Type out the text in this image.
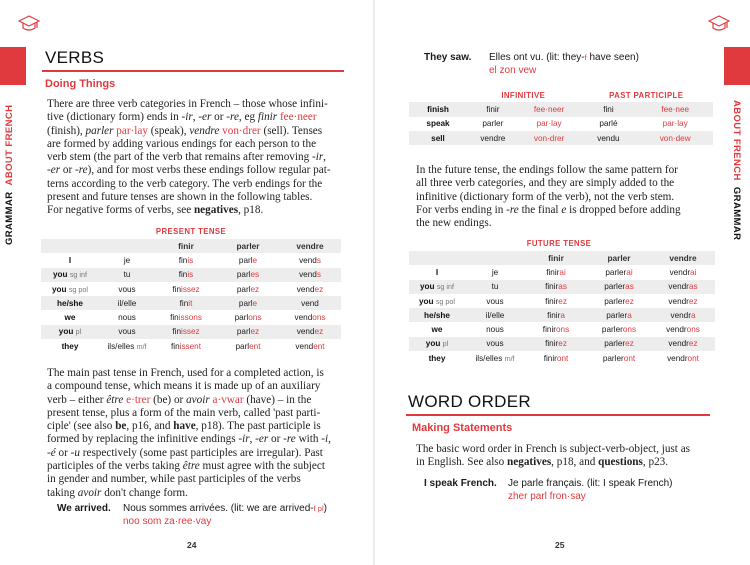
GRAMMAR  ABOUT FRENCH
VERBS
Doing Things
There are three verb categories in French – those whose infini-
tive (dictionary form) ends in -ir, -er or -re, eg finir fee·neer
(finish), parler par·lay (speak), vendre von·drer (sell). Tenses
are formed by adding various endings for each person to the
verb stem (the part of the verb that remains after removing -ir,
-er or -re), and for most verbs these endings follow regular pat-
terns according to the verb category. The verb endings for the
present and future tenses are shown in the following tables.
For negative forms of verbs, see negatives, p18.
PRESENT TENSE
		finir	parler	vendre
I	je	finis	parle	vends
you sg inf	tu	finis	parles	vends
you sg pol	vous	finissez	parlez	vendez
he/she	il/elle	finit	parle	vend
we	nous	finissons	parlons	vendons
you pl	vous	finissez	parlez	vendez
they	ils/elles m/f	finissent	parlent	vendent
The main past tense in French, used for a completed action, is
a compound tense, which means it is made up of an auxiliary
verb – either être e·trer (be) or avoir a·vwar (have) – in the
present tense, plus a form of the main verb, called 'past parti-
ciple' (see also be, p16, and have, p18). The past participle is
formed by replacing the infinitive endings -ir, -er or -re with -i,
-é or -u respectively (some past participles are irregular). Past
participles of the verbs taking être must agree with the subject
in gender and number, while past participles of the verbs
taking avoir don't change form.
We arrived. Nous sommes arrivées. (lit: we are arrived-f pl)
noo som za·ree·vay
24
ABOUT FRENCH  GRAMMAR
They saw. Elles ont vu. (lit: they-f have seen)
el zon vew
	INFINITIVE		PAST PARTICIPLE	
finish	finir	fee·neer	fini	fee·nee
speak	parler	par·lay	parlé	par·lay
sell	vendre	von·drer	vendu	von·dew
In the future tense, the endings follow the same pattern for
all three verb categories, and they are simply added to the
infinitive (dictionary form of the verb), not the verb stem.
For verbs ending in -re the final e is dropped before adding
the new endings.
FUTURE TENSE
		finir	parler	vendre
I	je	finirai	parlerai	vendrai
you sg inf	tu	finiras	parleras	vendras
you sg pol	vous	finirez	parlerez	vendrez
he/she	il/elle	finira	parlera	vendra
we	nous	finirons	parlerons	vendrons
you pl	vous	finirez	parlerez	vendrez
they	ils/elles m/f	finiront	parleront	vendront
WORD ORDER
Making Statements
The basic word order in French is subject-verb-object, just as
in English. See also negatives, p18, and questions, p23.
I speak French. Je parle français. (lit: I speak French)
zher parl fron·say
25
